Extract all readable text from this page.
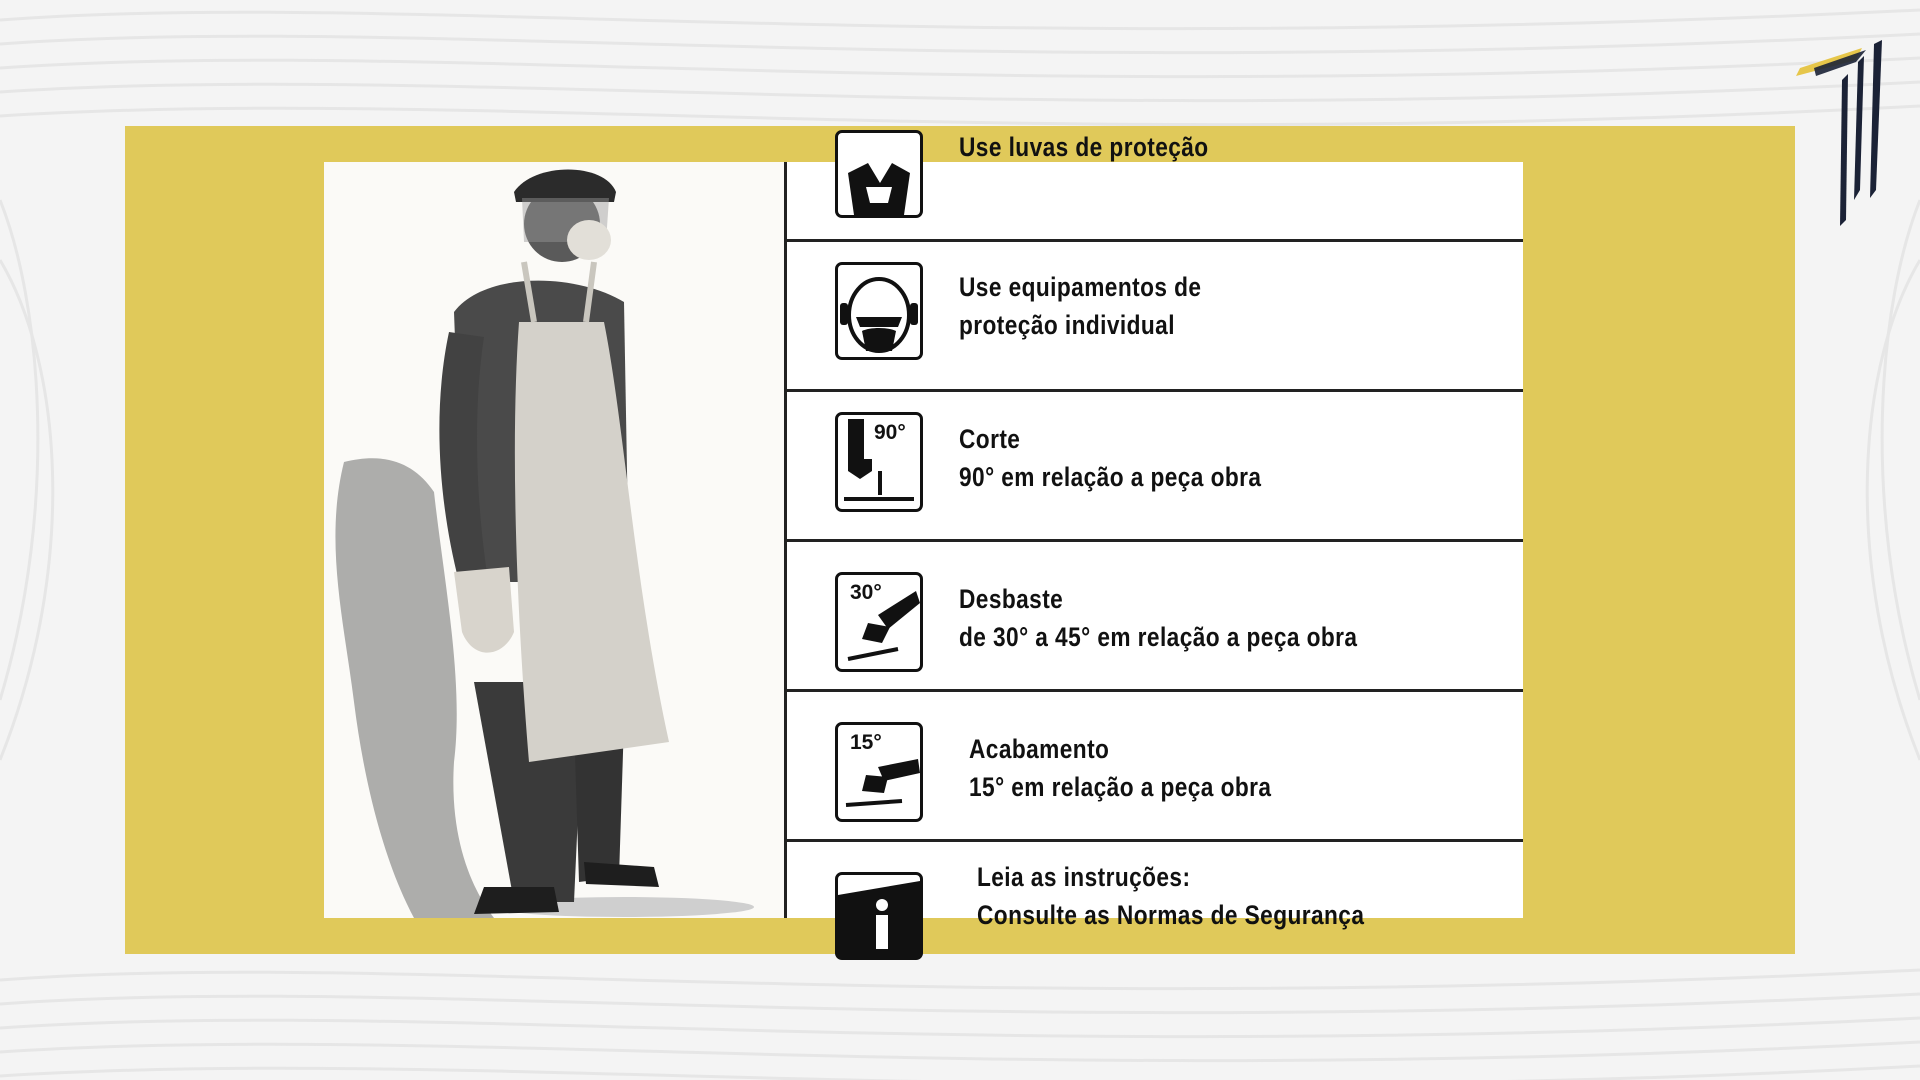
Use luvas de proteção
Use equipamentos de
proteção individual
90° Corte
90° em relação a peça obra
30°	Desbaste
de 30° a 45° em relação a peça obra
15°	Acabamento
15° em relação a peça obra
Leia as instruções:
Consulte as Normas de Segurança
